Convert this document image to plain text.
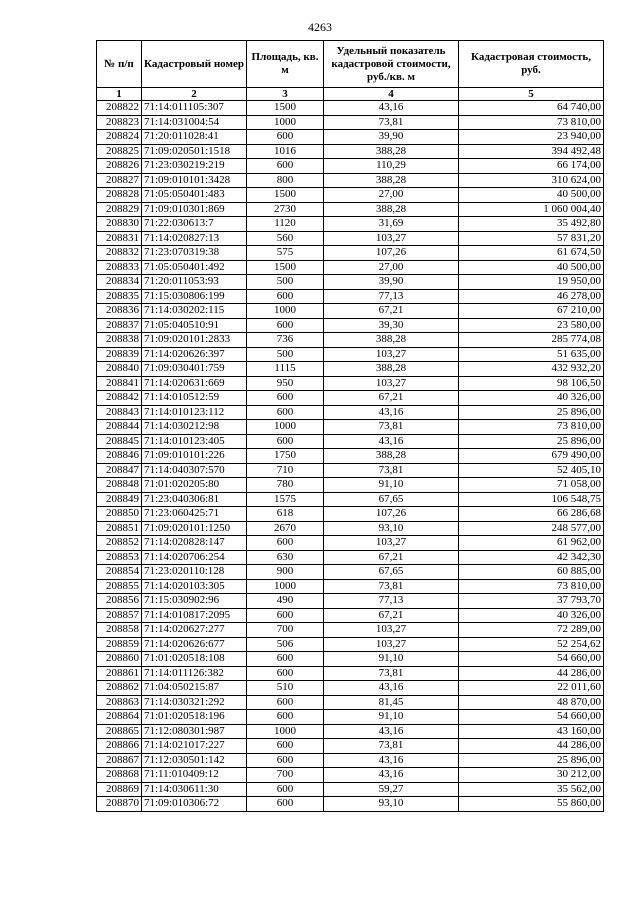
4263
№ п/п	Кадастровый номер	Площадь, кв. м	Удельный показатель кадастровой стоимости, руб./кв. м	Кадастровая стоимость, руб.
1	2	3	4	5
208822	71:14:011105:307	1500	43,16	64 740,00
208823	71:14:031004:54	1000	73,81	73 810,00
208824	71:20:011028:41	600	39,90	23 940,00
208825	71:09:020501:1518	1016	388,28	394 492,48
208826	71:23:030219:219	600	110,29	66 174,00
208827	71:09:010101:3428	800	388,28	310 624,00
208828	71:05:050401:483	1500	27,00	40 500,00
208829	71:09:010301:869	2730	388,28	1 060 004,40
208830	71:22:030613:7	1120	31,69	35 492,80
208831	71:14:020827:13	560	103,27	57 831,20
208832	71:23:070319:38	575	107,26	61 674,50
208833	71:05:050401:492	1500	27,00	40 500,00
208834	71:20:011053:93	500	39,90	19 950,00
208835	71:15:030806:199	600	77,13	46 278,00
208836	71:14:030202:115	1000	67,21	67 210,00
208837	71:05:040510:91	600	39,30	23 580,00
208838	71:09:020101:2833	736	388,28	285 774,08
208839	71:14:020626:397	500	103,27	51 635,00
208840	71:09:030401:759	1115	388,28	432 932,20
208841	71:14:020631:669	950	103,27	98 106,50
208842	71:14:010512:59	600	67,21	40 326,00
208843	71:14:010123:112	600	43,16	25 896,00
208844	71:14:030212:98	1000	73,81	73 810,00
208845	71:14:010123:405	600	43,16	25 896,00
208846	71:09:010101:226	1750	388,28	679 490,00
208847	71:14:040307:570	710	73,81	52 405,10
208848	71:01:020205:80	780	91,10	71 058,00
208849	71:23:040306:81	1575	67,65	106 548,75
208850	71:23:060425:71	618	107,26	66 286,68
208851	71:09:020101:1250	2670	93,10	248 577,00
208852	71:14:020828:147	600	103,27	61 962,00
208853	71:14:020706:254	630	67,21	42 342,30
208854	71:23:020110:128	900	67,65	60 885,00
208855	71:14:020103:305	1000	73,81	73 810,00
208856	71:15:030902:96	490	77,13	37 793,70
208857	71:14:010817:2095	600	67,21	40 326,00
208858	71:14:020627:277	700	103,27	72 289,00
208859	71:14:020626:677	506	103,27	52 254,62
208860	71:01:020518:108	600	91,10	54 660,00
208861	71:14:011126:382	600	73,81	44 286,00
208862	71:04:050215:87	510	43,16	22 011,60
208863	71:14:030321:292	600	81,45	48 870,00
208864	71:01:020518:196	600	91,10	54 660,00
208865	71:12:080301:987	1000	43,16	43 160,00
208866	71:14:021017:227	600	73,81	44 286,00
208867	71:12:030501:142	600	43,16	25 896,00
208868	71:11:010409:12	700	43,16	30 212,00
208869	71:14:030611:30	600	59,27	35 562,00
208870	71:09:010306:72	600	93,10	55 860,00
